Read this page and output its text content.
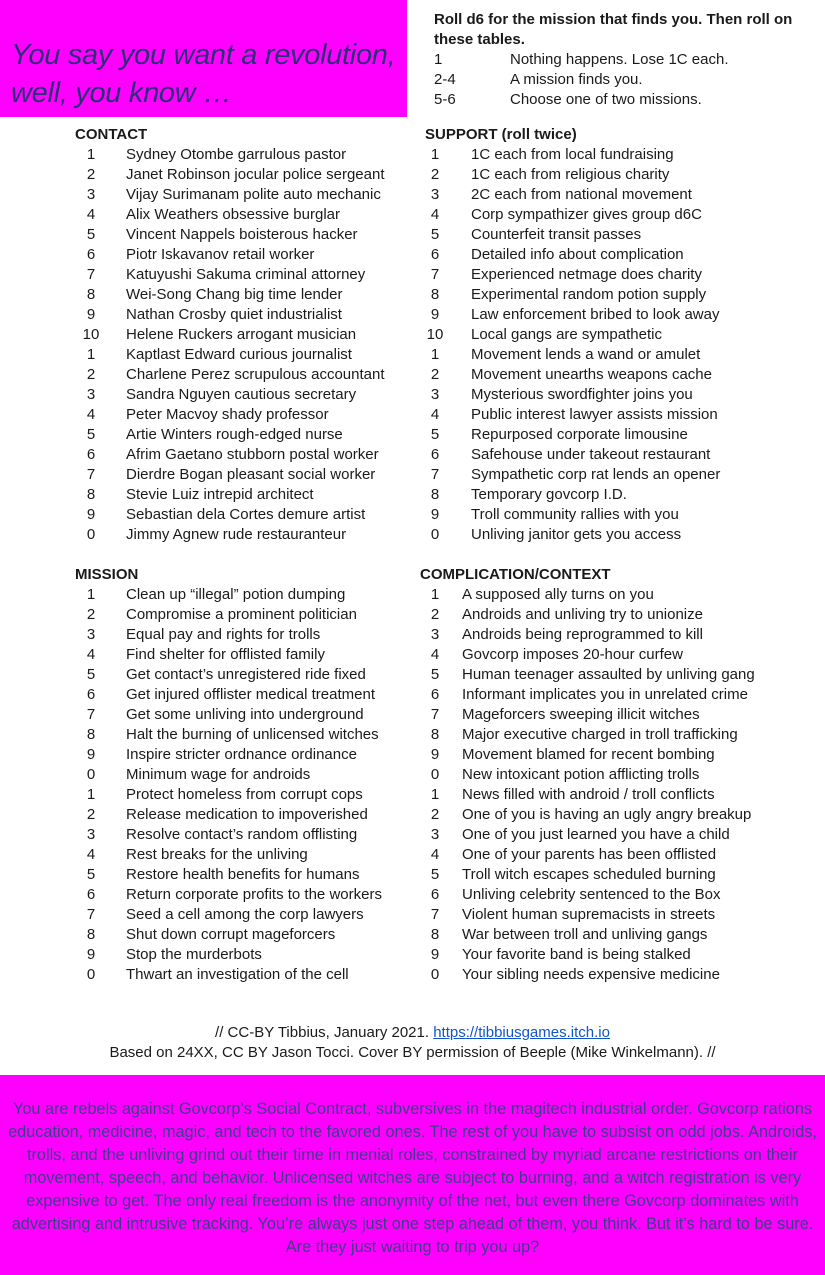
You say you want a revolution,
well, you know …
Roll d6 for the mission that finds you. Then roll on these tables.
1	Nothing happens. Lose 1C each.
2-4	A mission finds you.
5-6	Choose one of two missions.
CONTACT
1 Sydney Otombe garrulous pastor
2 Janet Robinson jocular police sergeant
3 Vijay Surimanam polite auto mechanic
4 Alix Weathers obsessive burglar
5 Vincent Nappels boisterous hacker
6 Piotr Iskavanov retail worker
7 Katuyushi Sakuma criminal attorney
8 Wei-Song Chang big time lender
9 Nathan Crosby quiet industrialist
10 Helene Ruckers arrogant musician
1 Kaptlast Edward curious journalist
2 Charlene Perez scrupulous accountant
3 Sandra Nguyen cautious secretary
4 Peter Macvoy shady professor
5 Artie Winters rough-edged nurse
6 Afrim Gaetano stubborn postal worker
7 Dierdre Bogan pleasant social worker
8 Stevie Luiz intrepid architect
9 Sebastian dela Cortes demure artist
0 Jimmy Agnew rude restauranteur
SUPPORT (roll twice)
1 1C each from local fundraising
2 1C each from religious charity
3 2C each from national movement
4 Corp sympathizer gives group d6C
5 Counterfeit transit passes
6 Detailed info about complication
7 Experienced netmage does charity
8 Experimental random potion supply
9 Law enforcement bribed to look away
10 Local gangs are sympathetic
1 Movement lends a wand or amulet
2 Movement unearths weapons cache
3 Mysterious swordfighter joins you
4 Public interest lawyer assists mission
5 Repurposed corporate limousine
6 Safehouse under takeout restaurant
7 Sympathetic corp rat lends an opener
8 Temporary govcorp I.D.
9 Troll community rallies with you
0 Unliving janitor gets you access
MISSION
1 Clean up “illegal” potion dumping
2 Compromise a prominent politician
3 Equal pay and rights for trolls
4 Find shelter for offlisted family
5 Get contact’s unregistered ride fixed
6 Get injured offlister medical treatment
7 Get some unliving into underground
8 Halt the burning of unlicensed witches
9 Inspire stricter ordnance ordinance
0 Minimum wage for androids
1 Protect homeless from corrupt cops
2 Release medication to impoverished
3 Resolve contact’s random offlisting
4 Rest breaks for the unliving
5 Restore health benefits for humans
6 Return corporate profits to the workers
7 Seed a cell among the corp lawyers
8 Shut down corrupt mageforcers
9 Stop the murderbots
0 Thwart an investigation of the cell
COMPLICATION/CONTEXT
1 A supposed ally turns on you
2 Androids and unliving try to unionize
3 Androids being reprogrammed to kill
4 Govcorp imposes 20-hour curfew
5 Human teenager assaulted by unliving gang
6 Informant implicates you in unrelated crime
7 Mageforcers sweeping illicit witches
8 Major executive charged in troll trafficking
9 Movement blamed for recent bombing
0 New intoxicant potion afflicting trolls
1 News filled with android / troll conflicts
2 One of you is having an ugly angry breakup
3 One of you just learned you have a child
4 One of your parents has been offlisted
5 Troll witch escapes scheduled burning
6 Unliving celebrity sentenced to the Box
7 Violent human supremacists in streets
8 War between troll and unliving gangs
9 Your favorite band is being stalked
0 Your sibling needs expensive medicine
// CC-BY Tibbius, January 2021. https://tibbiusgames.itch.io
Based on 24XX, CC BY Jason Tocci. Cover BY permission of Beeple (Mike Winkelmann). //
You are rebels against Govcorp’s Social Contract, subversives in the magitech industrial order. Govcorp rations education, medicine, magic, and tech to the favored ones. The rest of you have to subsist on odd jobs. Androids, trolls, and the unliving grind out their time in menial roles, constrained by myriad arcane restrictions on their movement, speech, and behavior. Unlicensed witches are subject to burning, and a witch registration is very expensive to get. The only real freedom is the anonymity of the net, but even there Govcorp dominates with advertising and intrusive tracking. You’re always just one step ahead of them, you think. But it’s hard to be sure. Are they just waiting to trip you up?
